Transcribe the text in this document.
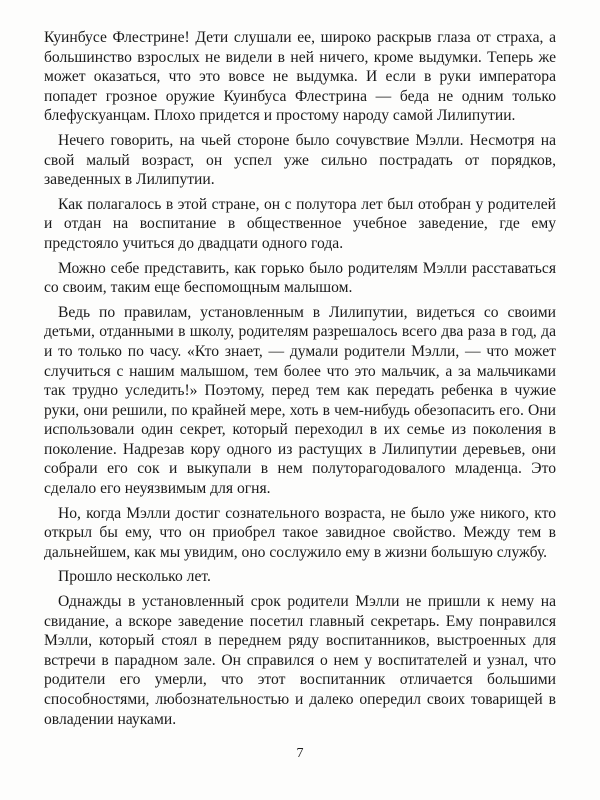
Куинбусе Флестрине! Дети слушали ее, широко раскрыв глаза от страха, а большинство взрослых не видели в ней ничего, кроме выдумки. Теперь же может оказаться, что это вовсе не выдумка. И если в руки императора попадет грозное оружие Куинбуса Флестрина — беда не одним только блефускуанцам. Плохо придется и простому народу самой Лилипутии.

Нечего говорить, на чьей стороне было сочувствие Мэлли. Несмотря на свой малый возраст, он успел уже сильно пострадать от порядков, заведенных в Лилипутии.

Как полагалось в этой стране, он с полутора лет был отобран у родителей и отдан на воспитание в общественное учебное заведение, где ему предстояло учиться до двадцати одного года.

Можно себе представить, как горько было родителям Мэлли расставаться со своим, таким еще беспомощным малышом.

Ведь по правилам, установленным в Лилипутии, видеться со своими детьми, отданными в школу, родителям разрешалось всего два раза в год, да и то только по часу. «Кто знает, — думали родители Мэлли, — что может случиться с нашим малышом, тем более что это мальчик, а за мальчиками так трудно уследить!» Поэтому, перед тем как передать ребенка в чужие руки, они решили, по крайней мере, хоть в чем-нибудь обезопасить его. Они использовали один секрет, который переходил в их семье из поколения в поколение. Надрезав кору одного из растущих в Лилипутии деревьев, они собрали его сок и выкупали в нем полуторагодовалого младенца. Это сделало его неуязвимым для огня.

Но, когда Мэлли достиг сознательного возраста, не было уже никого, кто открыл бы ему, что он приобрел такое завидное свойство. Между тем в дальнейшем, как мы увидим, оно сослужило ему в жизни большую службу.

Прошло несколько лет.

Однажды в установленный срок родители Мэлли не пришли к нему на свидание, а вскоре заведение посетил главный секретарь. Ему понравился Мэлли, который стоял в переднем ряду воспитанников, выстроенных для встречи в парадном зале. Он справился о нем у воспитателей и узнал, что родители его умерли, что этот воспитанник отличается большими способностями, любознательностью и далеко опередил своих товарищей в овладении науками.

7
